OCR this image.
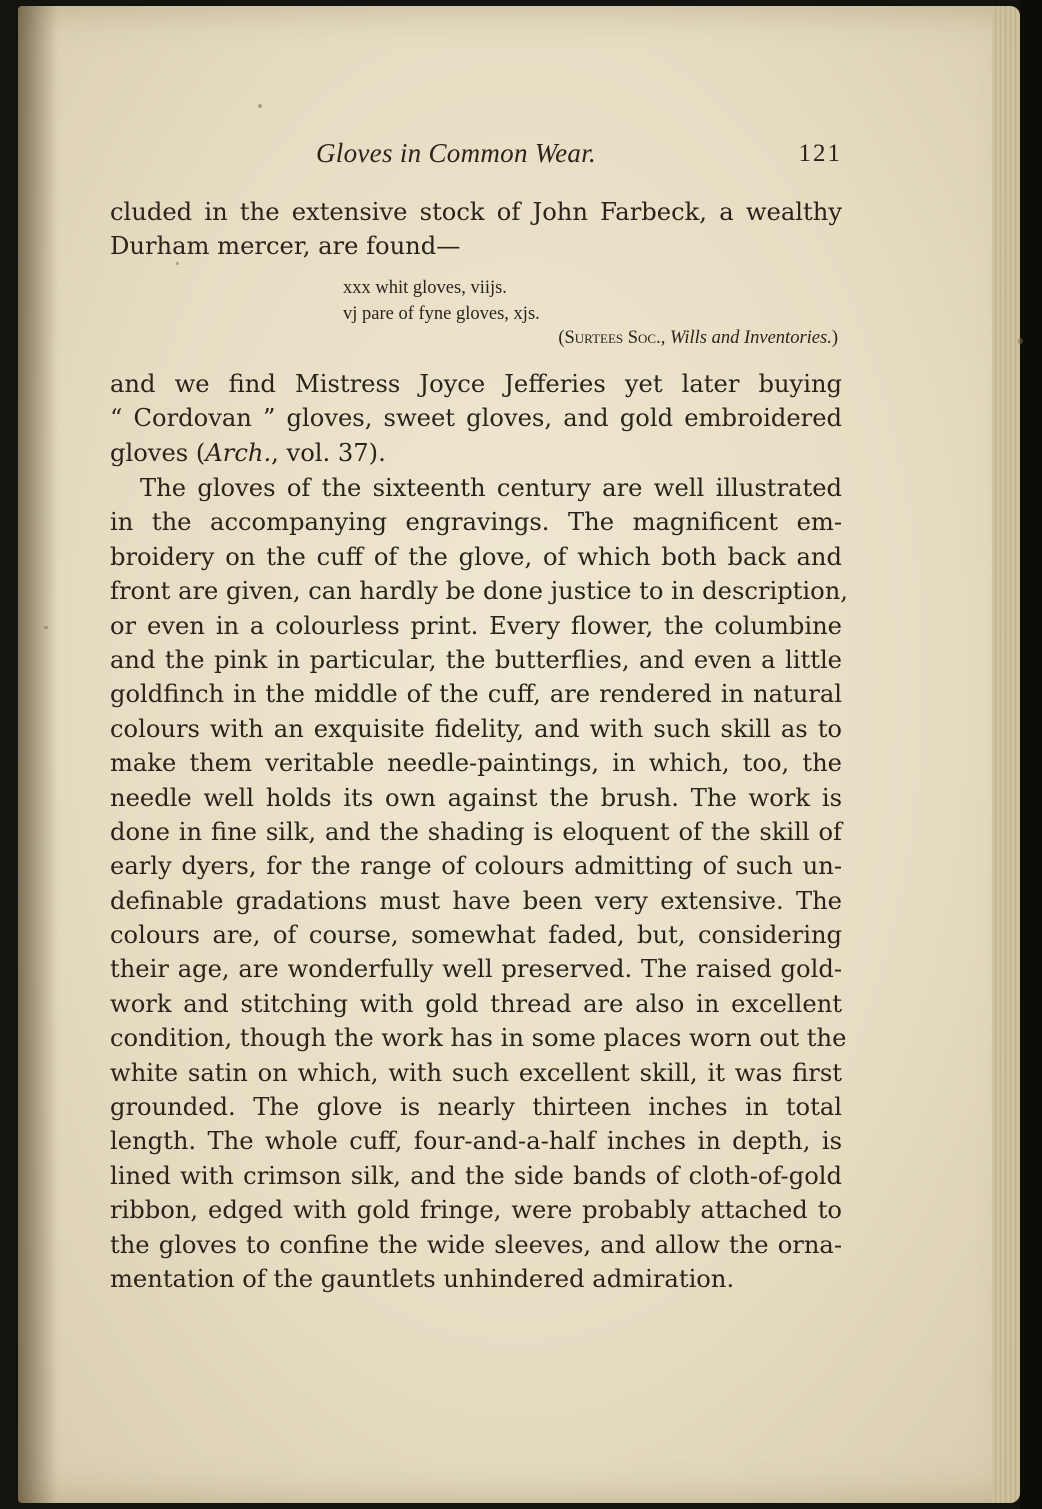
Gloves in Common Wear.	121

cluded in the extensive stock of John Farbeck, a wealthy
Durham mercer, are found—

xxx whit gloves, viijs.
vj pare of fyne gloves, xjs.
(Surtees Soc., Wills and Inventories.)

and we find Mistress Joyce Jefferies yet later buying
“ Cordovan ” gloves, sweet gloves, and gold embroidered
gloves (Arch., vol. 37).

The gloves of the sixteenth century are well illustrated
in the accompanying engravings. The magnificent em-
broidery on the cuff of the glove, of which both back and
front are given, can hardly be done justice to in description,
or even in a colourless print. Every flower, the columbine
and the pink in particular, the butterflies, and even a little
goldfinch in the middle of the cuff, are rendered in natural
colours with an exquisite fidelity, and with such skill as to
make them veritable needle-paintings, in which, too, the
needle well holds its own against the brush. The work is
done in fine silk, and the shading is eloquent of the skill of
early dyers, for the range of colours admitting of such un-
definable gradations must have been very extensive. The
colours are, of course, somewhat faded, but, considering
their age, are wonderfully well preserved. The raised gold-
work and stitching with gold thread are also in excellent
condition, though the work has in some places worn out the
white satin on which, with such excellent skill, it was first
grounded. The glove is nearly thirteen inches in total
length. The whole cuff, four-and-a-half inches in depth, is
lined with crimson silk, and the side bands of cloth-of-gold
ribbon, edged with gold fringe, were probably attached to
the gloves to confine the wide sleeves, and allow the orna-
mentation of the gauntlets unhindered admiration.
